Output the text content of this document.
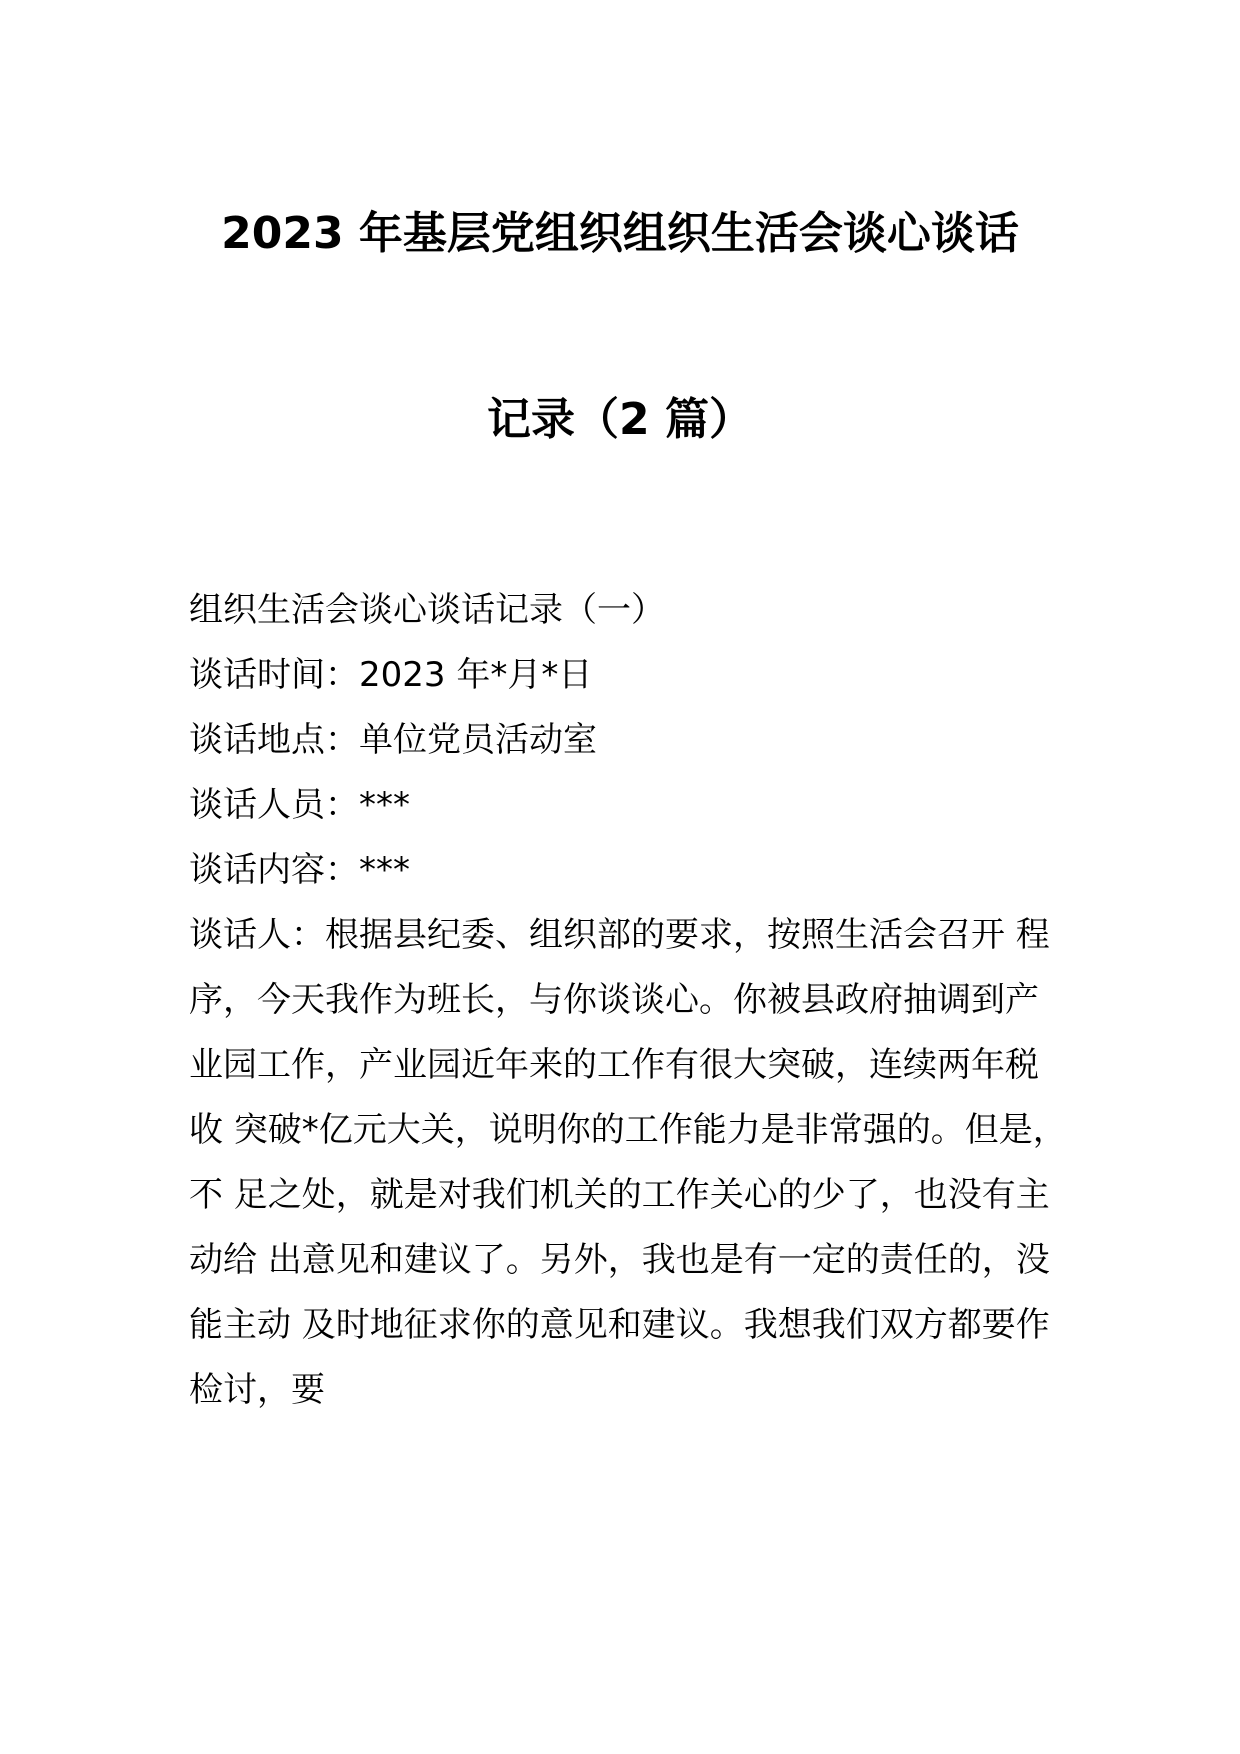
2023 年基层党组织组织生活会谈心谈话
记录（2 篇）
组织生活会谈心谈话记录（一）
谈话时间：2023 年*月*日
谈话地点：单位党员活动室
谈话人员：***
谈话内容：***
谈话人：根据县纪委、组织部的要求，按照生活会召开 程
序，今天我作为班长，与你谈谈心。你被县政府抽调到产
业园工作，产业园近年来的工作有很大突破，连续两年税
收 突破*亿元大关，说明你的工作能力是非常强的。但是，
不 足之处，就是对我们机关的工作关心的少了，也没有主
动给 出意见和建议了。另外，我也是有一定的责任的，没
能主动 及时地征求你的意见和建议。我想我们双方都要作
检讨，要
